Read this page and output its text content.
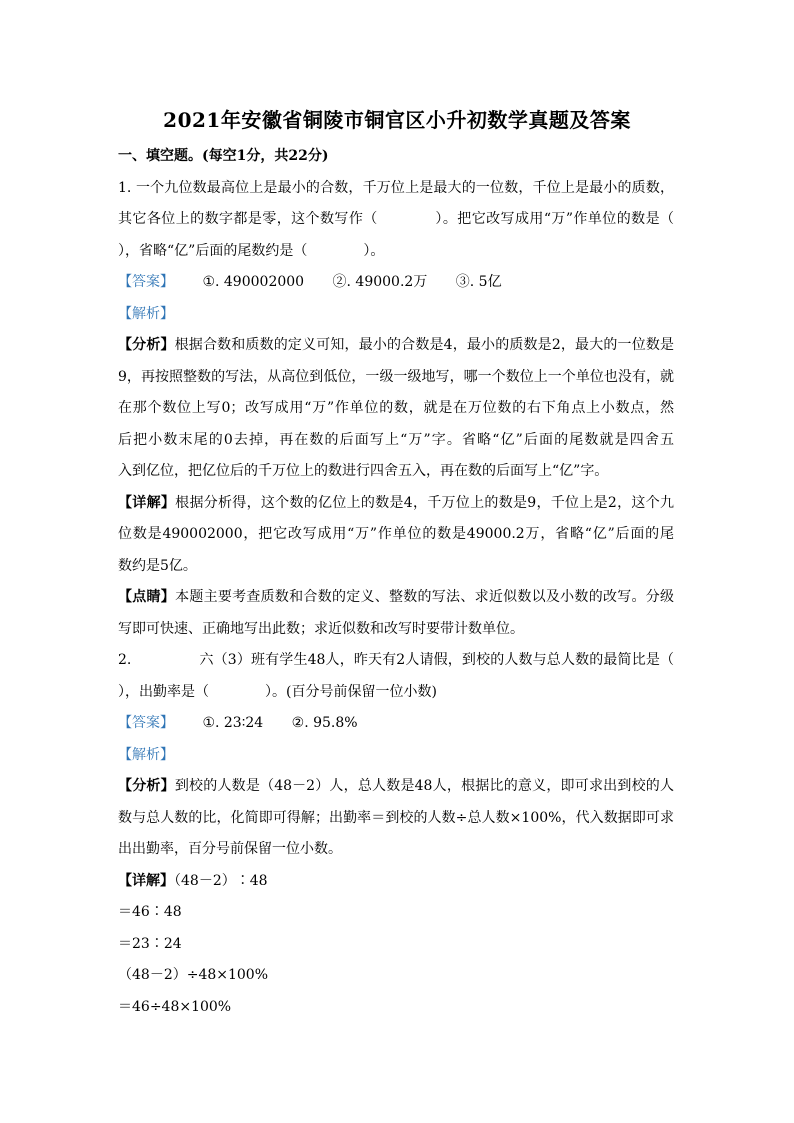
2021年安徽省铜陵市铜官区小升初数学真题及答案
一、填空题。(每空1分，共22分)
1. 一个九位数最高位上是最小的合数，千万位上是最大的一位数，千位上是最小的质数，
其它各位上的数字都是零，这个数写作（　　　　）。把它改写成用“万”作单位的数是（
），省略“亿”后面的尾数约是（　　　　）。
【答案】 ①. 490002000 ②. 49000.2万 ③. 5亿
【解析】
【分析】根据合数和质数的定义可知，最小的合数是4，最小的质数是2，最大的一位数是
9，再按照整数的写法，从高位到低位，一级一级地写，哪一个数位上一个单位也没有，就
在那个数位上写0；改写成用“万”作单位的数，就是在万位数的右下角点上小数点，然
后把小数末尾的0去掉，再在数的后面写上“万”字。省略“亿”后面的尾数就是四舍五
入到亿位，把亿位后的千万位上的数进行四舍五入，再在数的后面写上“亿”字。
【详解】根据分析得，这个数的亿位上的数是4，千万位上的数是9，千位上是2，这个九
位数是490002000，把它改写成用“万”作单位的数是49000.2万，省略“亿”后面的尾
数约是5亿。
【点睛】本题主要考查质数和合数的定义、整数的写法、求近似数以及小数的改写。分级
写即可快速、正确地写出此数；求近似数和改写时要带计数单位。
2.	六（3）班有学生48人，昨天有2人请假，到校的人数与总人数的最简比是（
），出勤率是（　　　　）。(百分号前保留一位小数)
【答案】 ①. 23∶24 ②. 95.8%
【解析】
【分析】到校的人数是（48－2）人，总人数是48人，根据比的意义，即可求出到校的人
数与总人数的比，化简即可得解；出勤率＝到校的人数÷总人数×100%，代入数据即可求
出出勤率，百分号前保留一位小数。
【详解】（48－2）∶48
＝46∶48
＝23∶24
（48－2）÷48×100%
＝46÷48×100%
